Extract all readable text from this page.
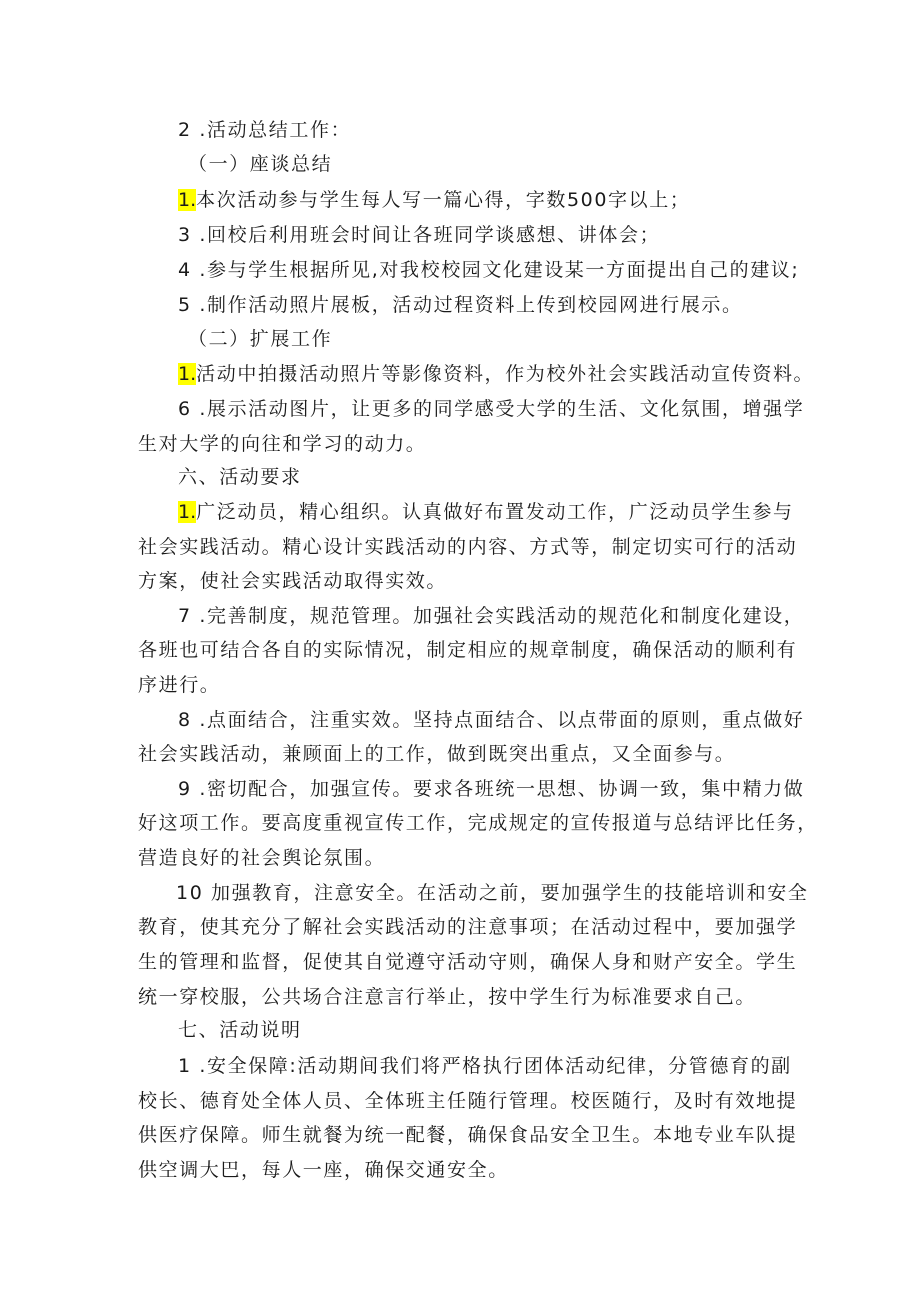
2 .活动总结工作：
（一）座谈总结
1.本次活动参与学生每人写一篇心得，字数500字以上；
3 .回校后利用班会时间让各班同学谈感想、讲体会；
4 .参与学生根据所见,对我校校园文化建设某一方面提出自己的建议;
5 .制作活动照片展板，活动过程资料上传到校园网进行展示。
（二）扩展工作
1.活动中拍摄活动照片等影像资料，作为校外社会实践活动宣传资料。
6 .展示活动图片，让更多的同学感受大学的生活、文化氛围，增强学
生对大学的向往和学习的动力。
六、活动要求
1.广泛动员，精心组织。认真做好布置发动工作，广泛动员学生参与
社会实践活动。精心设计实践活动的内容、方式等，制定切实可行的活动
方案，使社会实践活动取得实效。
7 .完善制度，规范管理。加强社会实践活动的规范化和制度化建设，
各班也可结合各自的实际情况，制定相应的规章制度，确保活动的顺利有
序进行。
8 .点面结合，注重实效。坚持点面结合、以点带面的原则，重点做好
社会实践活动，兼顾面上的工作，做到既突出重点，又全面参与。
9 .密切配合，加强宣传。要求各班统一思想、协调一致，集中精力做
好这项工作。要高度重视宣传工作，完成规定的宣传报道与总结评比任务，
营造良好的社会舆论氛围。
10 加强教育，注意安全。在活动之前，要加强学生的技能培训和安全
教育，使其充分了解社会实践活动的注意事项；在活动过程中，要加强学
生的管理和监督，促使其自觉遵守活动守则，确保人身和财产安全。学生
统一穿校服，公共场合注意言行举止，按中学生行为标准要求自己。
七、活动说明
1 .安全保障:活动期间我们将严格执行团体活动纪律，分管德育的副
校长、德育处全体人员、全体班主任随行管理。校医随行，及时有效地提
供医疗保障。师生就餐为统一配餐，确保食品安全卫生。本地专业车队提
供空调大巴，每人一座，确保交通安全。
